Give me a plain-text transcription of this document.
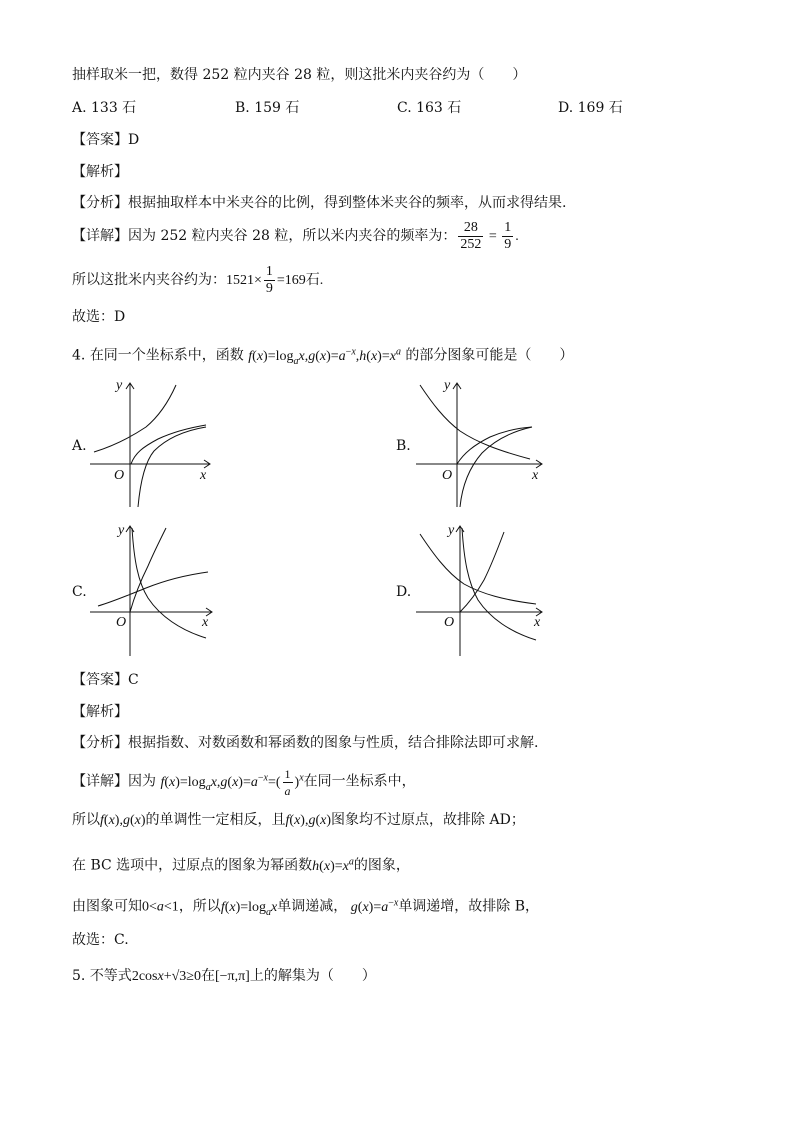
抽样取米一把，数得 252 粒内夹谷 28 粒，则这批米内夹谷约为（　　）
A. 133 石	B. 159 石	C. 163 石	D. 169 石
【答案】D
【解析】
【分析】根据抽取样本中米夹谷的比例，得到整体米夹谷的频率，从而求得结果.
【详解】因为 252 粒内夹谷 28 粒，所以米内夹谷的频率为： $\frac{28}{252} = \frac{1}{9}$ .
所以这批米内夹谷约为：$1521\times \frac{1}{9} =169$石.
故选：D
4. 在同一个坐标系中，函数 $f(x)=\log_ax,g(x)=a^{-x},h(x)=x^a$ 的部分图象可能是（　　）
A.	B.
C.	D.
y
x
O
y
x
O
y
x
O
y
x
O
【答案】C
【解析】
【分析】根据指数、对数函数和幂函数的图象与性质，结合排除法即可求解.
【详解】因为 $f(x)=\log_ax,g(x)=a^{-x}=( \frac{1}{a} )^x$在同一坐标系中，
所以f(x),g(x)的单调性一定相反，且f(x),g(x)图象均不过原点，故排除 AD；
在 BC 选项中，过原点的图象为幂函数$h(x)=x^a$的图象，
由图象可知0<a<1，所以$f(x)=\log_ax$单调递减， $g(x)=a^{-x}$单调递增，故排除 B，
故选：C.
5. 不等式2cosx+√3≥0在[−π,π]上的解集为（　　）
